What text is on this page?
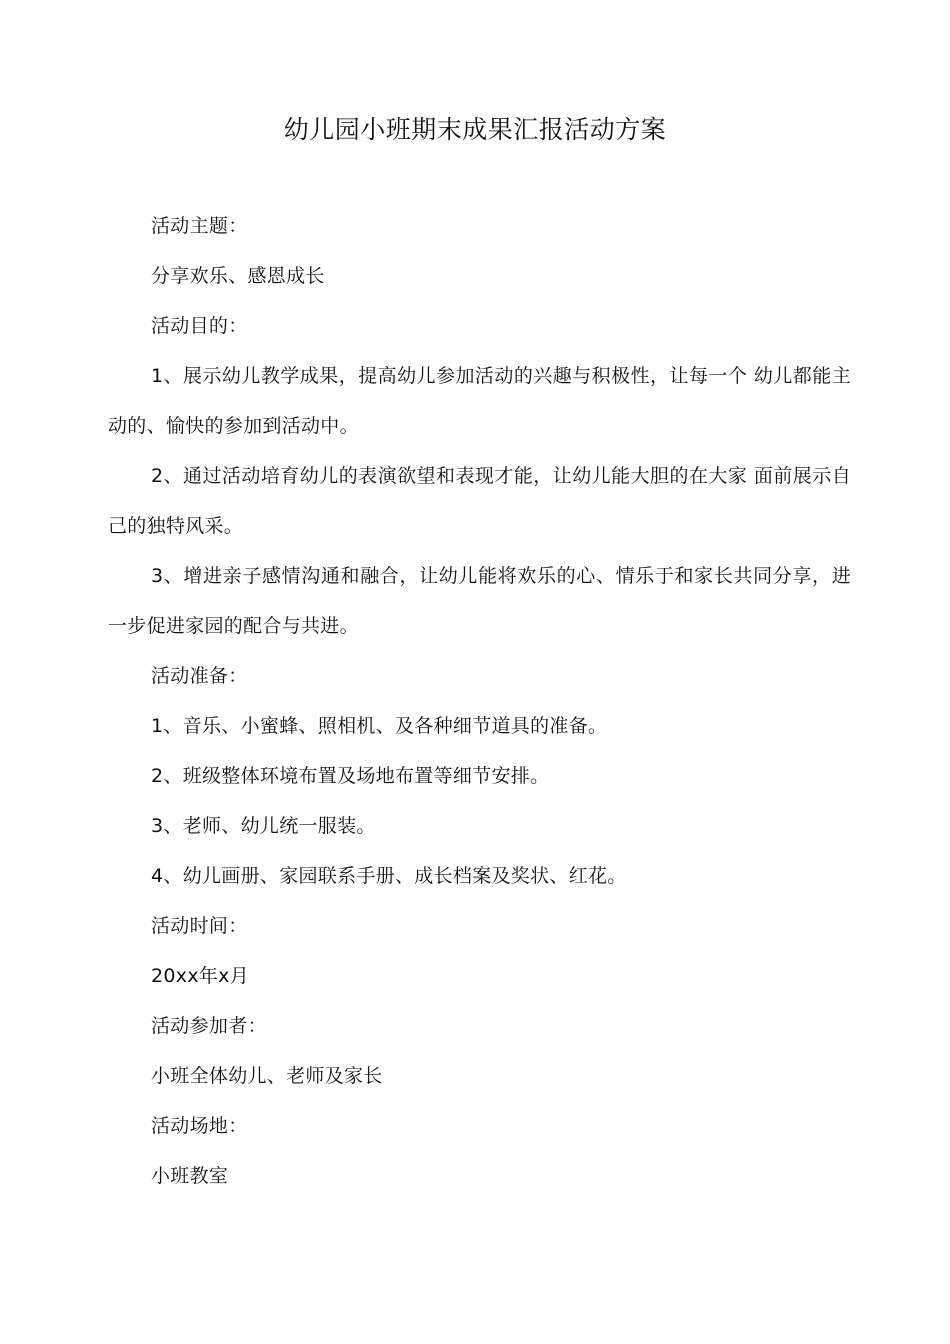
幼儿园小班期末成果汇报活动方案

活动主题：

分享欢乐、感恩成长

活动目的：

1、展示幼儿教学成果，提高幼儿参加活动的兴趣与积极性，让每一个 幼儿都能主动的、愉快的参加到活动中。

2、通过活动培育幼儿的表演欲望和表现才能，让幼儿能大胆的在大家 面前展示自己的独特风采。

3、增进亲子感情沟通和融合，让幼儿能将欢乐的心、情乐于和家长共同分享，进一步促进家园的配合与共进。

活动准备：

1、音乐、小蜜蜂、照相机、及各种细节道具的准备。

2、班级整体环境布置及场地布置等细节安排。

3、老师、幼儿统一服装。

4、幼儿画册、家园联系手册、成长档案及奖状、红花。

活动时间：

20xx年x月

活动参加者：

小班全体幼儿、老师及家长

活动场地：

小班教室
